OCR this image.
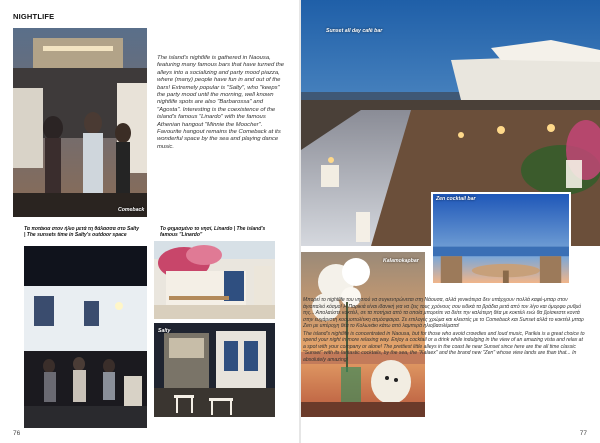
NIGHTLIFE
Comeback
The island's nightlife is gathered in Naousa, featuring many famous bars that have turned the alleys into a socializing and party mood piazza, where (many) people have fun in and out of the bars! Extremely popular is "Salty", who "keeps" the party mood until the morning, well known nightlife spots are also "Barbarossa" and "Agosta". Interesting is the coexistence of the island's famous "Linardo" with the famous Athenian hangout "Minnie the Moocher". Favourite hangout remains the Comeback at its wonderful space by the sea and playing dance music.
Τα ποτάκια στον ήλιο μετά τη θάλασσα στο Salty
| The sunsets time in Salty's outdoor space
Το φημισμένο το νησί, Linardo | The island's
famous "Linardo"
Salty
76
Sunset all day café bar
Zen cocktail bar
Kalamokaρbar
77
Μπορεί το nightlife του νησιού να συγκεντρώνεται στη Νάουσα, αλλά γενικότερα δεν υπάρχουν πολλά καφέ-μπαρ στον άγιοπαλιό κόσμο! Η Παρικιά είναι ιδανική για να ζεις τους χρόνους σου ειδικά τα βράδια μετά από τον λίγο και όμορφο ρυθμό της... Απολαύστε κοκτέιλ, σε τα ποτήρια από τα οποία μπορείτε να δείτε την καλύτερη θέα με κοκτέιλ ενώ θα βρίσκεστε κοντά στην ευχάριστη κοσμοπολίτικη ατμόσφαιρα. Σε επιλογές χρώμα και κλειστές με το Comeback και Sunset αλλά το κοκτέιλ μπαρ Zen με υπέροχη θέα το Κολωνάκι κάτω από λαμπερά ηλιοβασιλέματα!
The island's nightlife is concentrated in Naousa, but for those who avoid crowdies and loud music, Parikia is a great choice to spend your night in more relaxing way. Enjoy a cocktail or a drink while indulging in the view of an amazing vista and relax at a spot with your company or alone! The prettiest little alleys in the coast lie near Sunset since here are the all time classic "Sunset" with its fantastic cocktails, by the sea, the "Kalaex" and the brand new "Zen" whose view lands are than that... In absolutely amazing!
